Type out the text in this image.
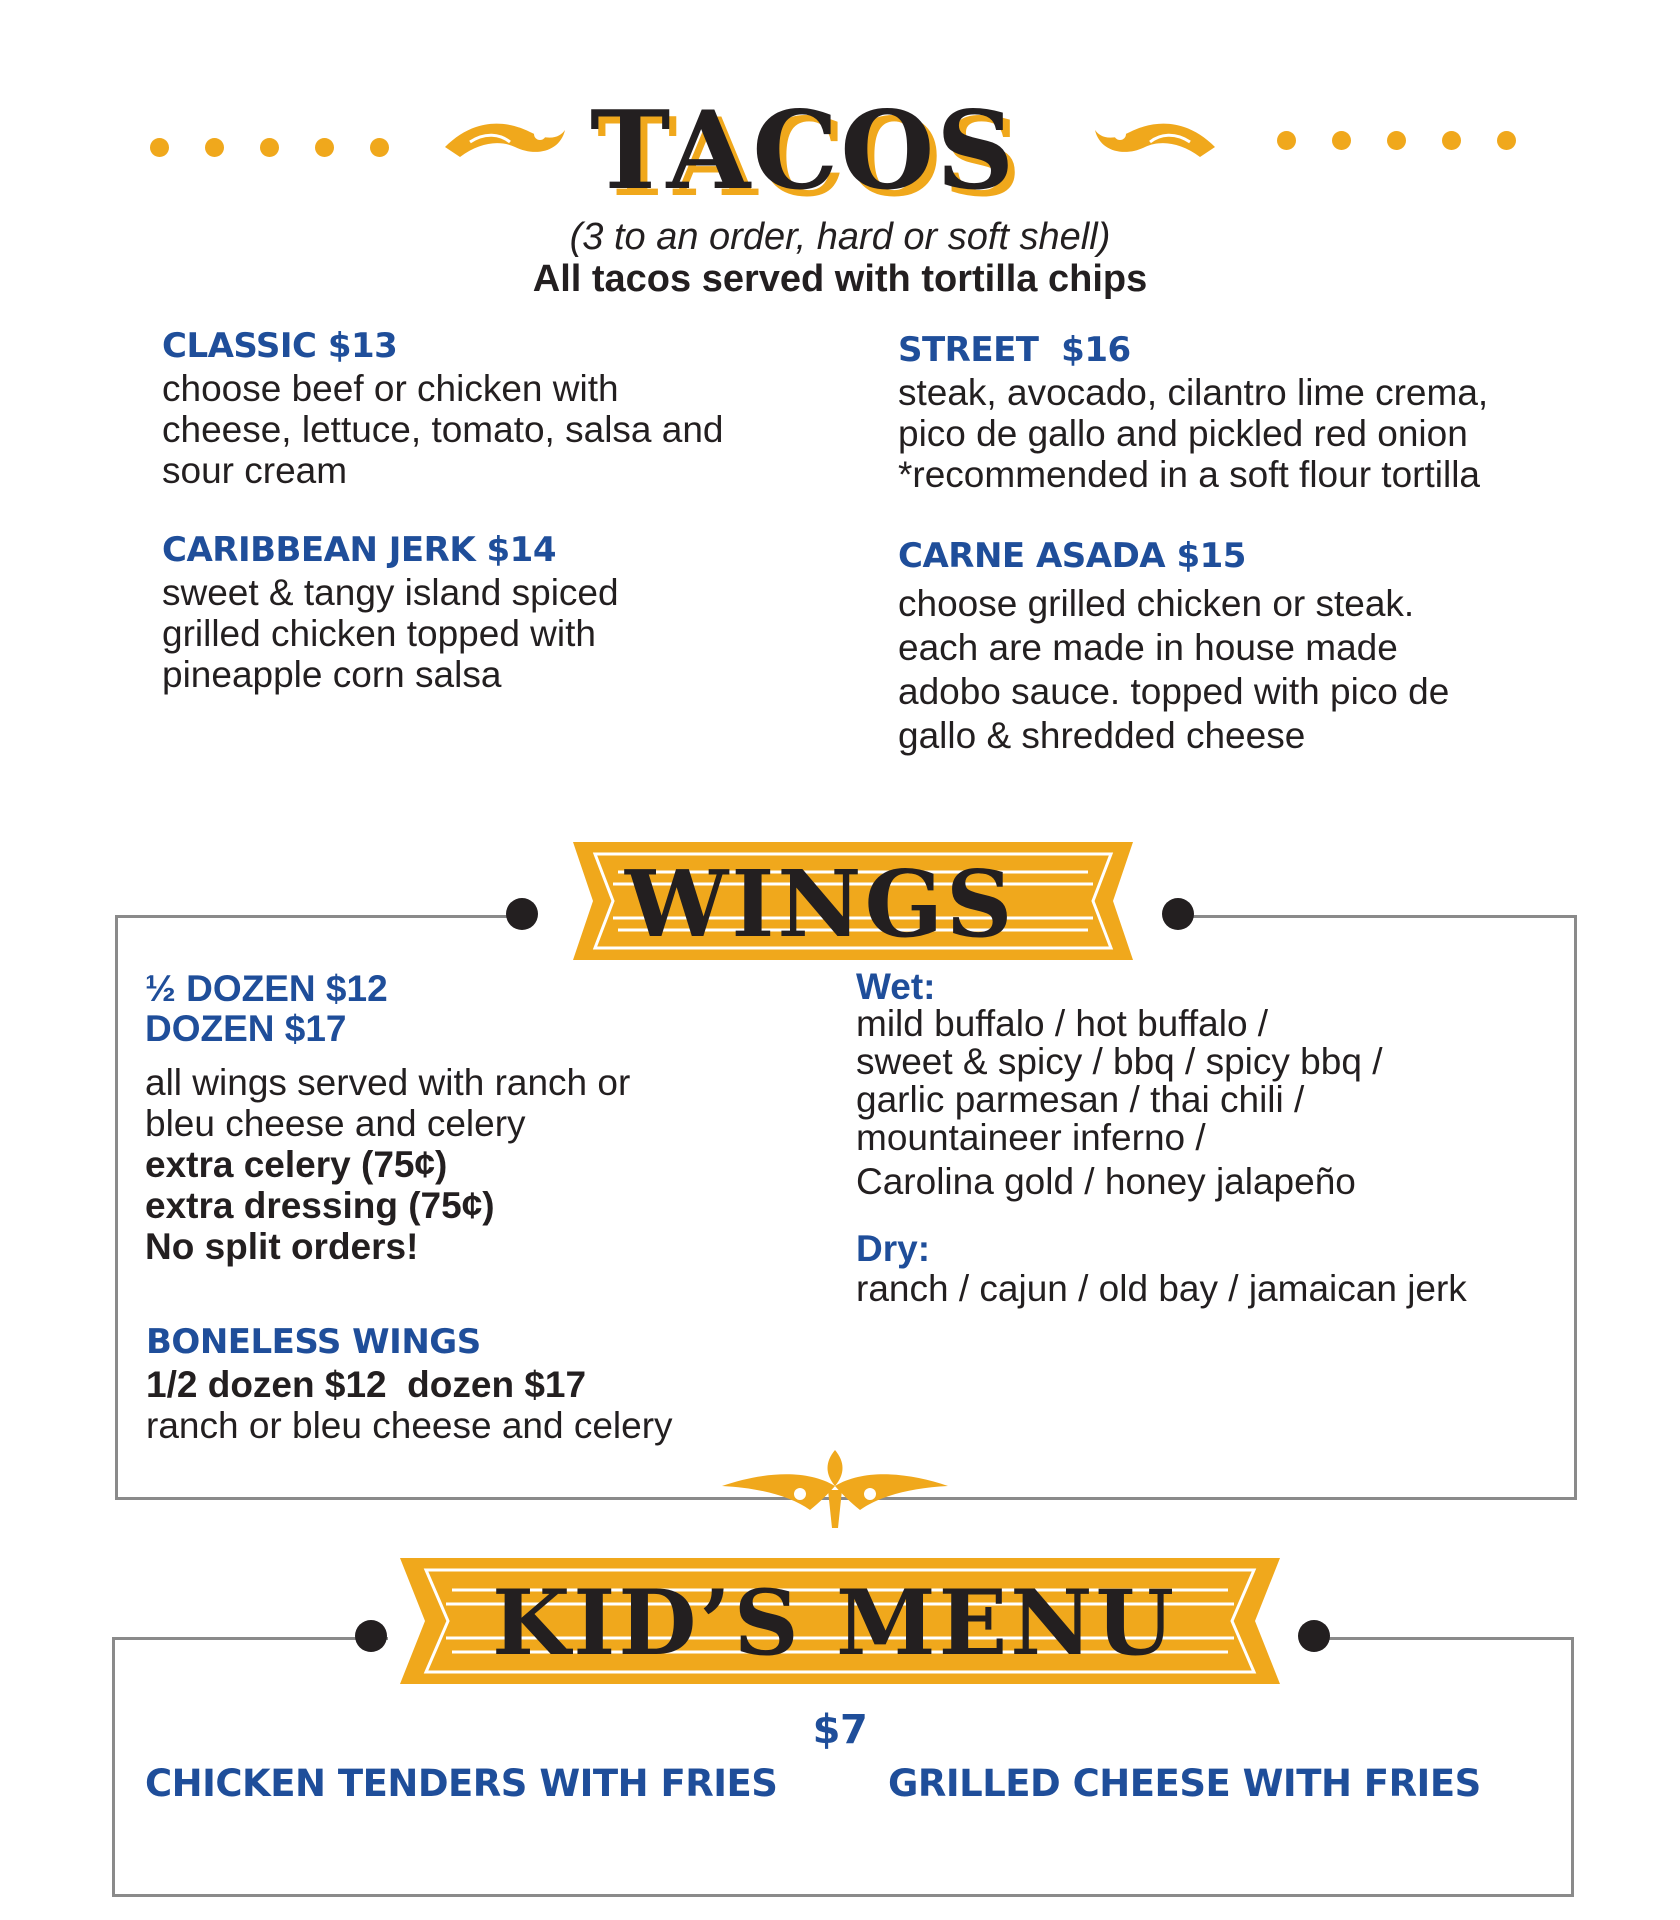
TACOS
(3 to an order, hard or soft shell)
All tacos served with tortilla chips
CLASSIC $13
choose beef or chicken with
cheese, lettuce, tomato, salsa and
sour cream
CARIBBEAN JERK $14
sweet & tangy island spiced
grilled chicken topped with
pineapple corn salsa
STREET  $16
steak, avocado, cilantro lime crema,
pico de gallo and pickled red onion
*recommended in a soft flour tortilla
CARNE ASADA $15
choose grilled chicken or steak.
each are made in house made
adobo sauce. topped with pico de
gallo & shredded cheese
WINGS
½ DOZEN $12
DOZEN $17
all wings served with ranch or
bleu cheese and celery
extra celery (75¢)
extra dressing (75¢)
No split orders!
BONELESS WINGS
1/2 dozen $12  dozen $17
ranch or bleu cheese and celery
Wet:
mild buffalo / hot buffalo /
sweet & spicy / bbq / spicy bbq /
garlic parmesan / thai chili /
mountaineer inferno /
Carolina gold / honey jalapeño
Dry:
ranch / cajun / old bay / jamaican jerk
KID’S MENU
$7
CHICKEN TENDERS WITH FRIES	GRILLED CHEESE WITH FRIES
